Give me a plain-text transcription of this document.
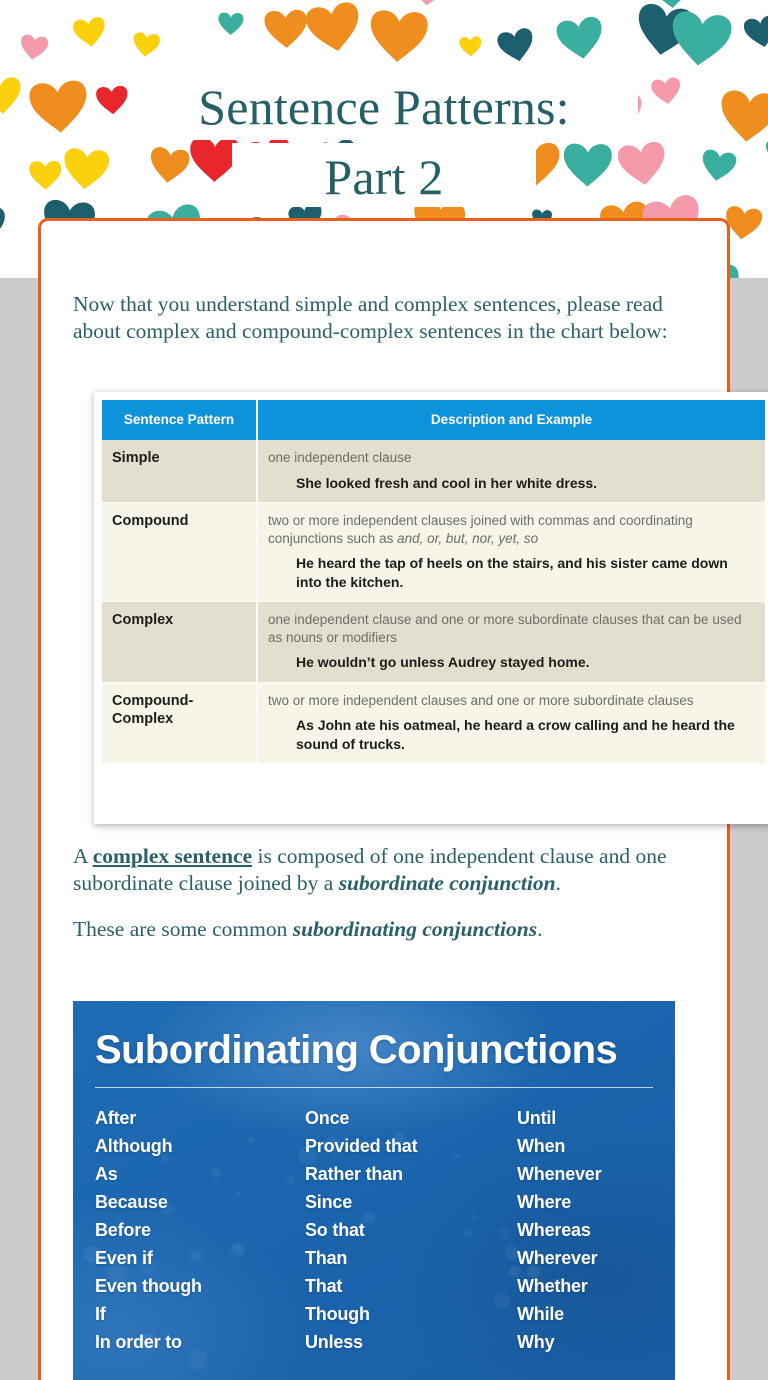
Sentence Patterns:
Part 2

Now that you understand simple and complex sentences, please read about complex and compound-complex sentences in the chart below:

Sentence Pattern	Description and Example

Simple	one independent clause
She looked fresh and cool in her white dress.

Compound	two or more independent clauses joined with commas and coordinating conjunctions such as and, or, but, nor, yet, so
He heard the tap of heels on the stairs, and his sister came down into the kitchen.

Complex	one independent clause and one or more subordinate clauses that can be used as nouns or modifiers
He wouldn’t go unless Audrey stayed home.

Compound-Complex	two or more independent clauses and one or more subordinate clauses
As John ate his oatmeal, he heard a crow calling and he heard the sound of trucks.

A complex sentence is composed of one independent clause and one subordinate clause joined by a subordinate conjunction.

These are some common subordinating conjunctions.

Subordinating Conjunctions
After
Although
As
Because
Before
Even if
Even though
If
In order to
Once
Provided that
Rather than
Since
So that
Than
That
Though
Unless
Until
When
Whenever
Where
Whereas
Wherever
Whether
While
Why
